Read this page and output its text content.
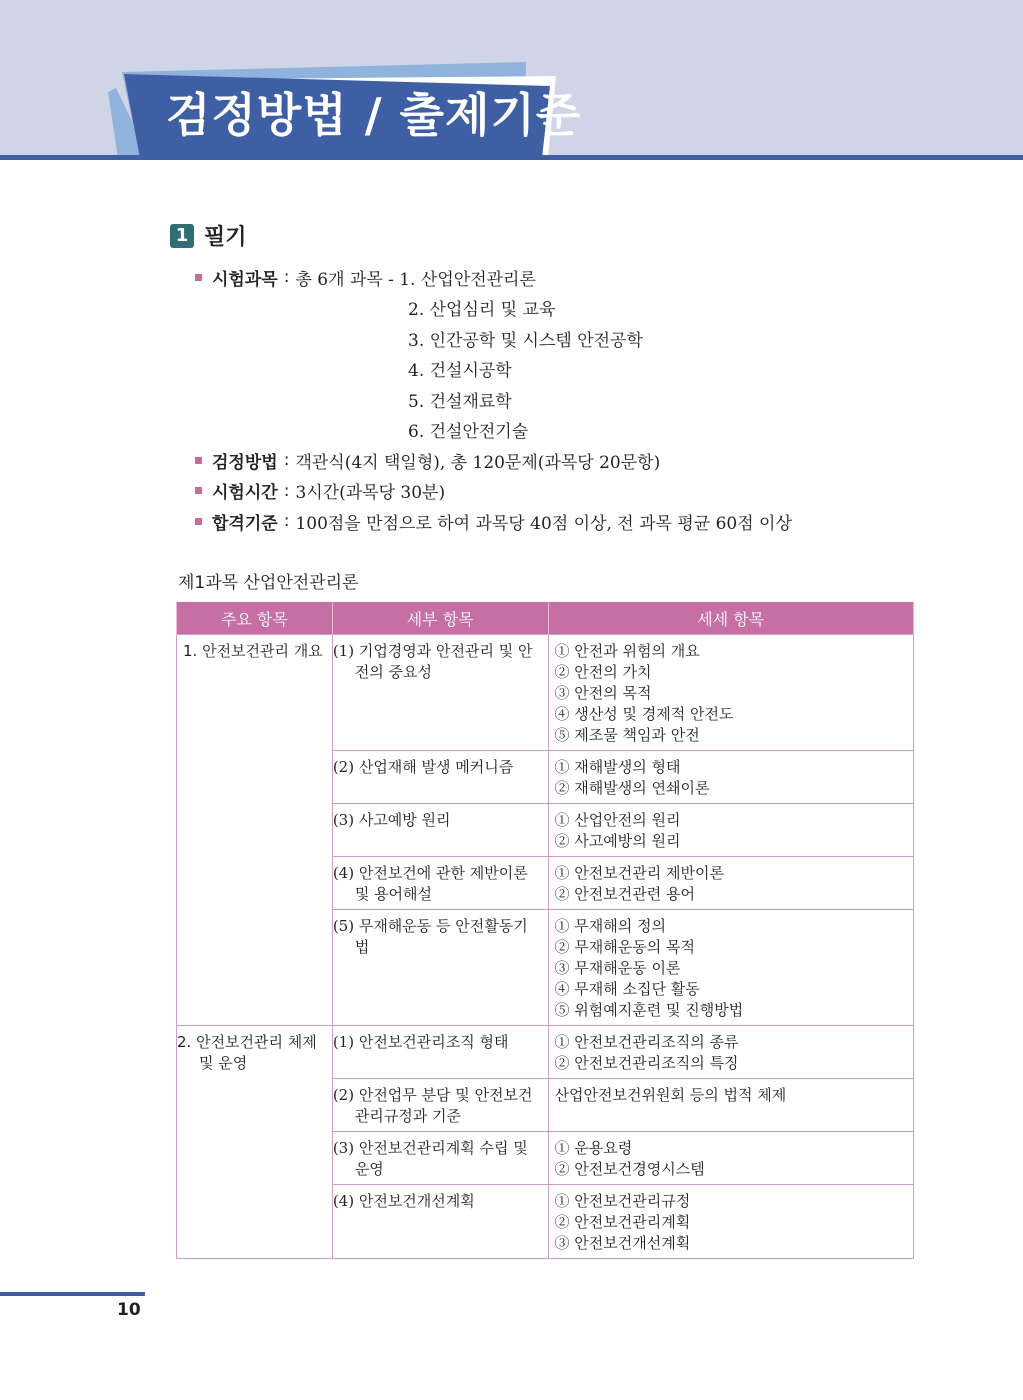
검정방법 / 출제기준
1 필기
시험과목 : 총 6개 과목 - 1. 산업안전관리론
2. 산업심리 및 교육
3. 인간공학 및 시스템 안전공학
4. 건설시공학
5. 건설재료학
6. 건설안전기술
검정방법 : 객관식(4지 택일형), 총 120문제(과목당 20문항)
시험시간 : 3시간(과목당 30분)
합격기준 : 100점을 만점으로 하여 과목당 40점 이상, 전 과목 평균 60점 이상
제1과목 산업안전관리론
주요 항목	세부 항목	세세 항목
1. 안전보건관리 개요	(1) 기업경영과 안전관리 및 안전의 중요성	① 안전과 위험의 개요
② 안전의 가치
③ 안전의 목적
④ 생산성 및 경제적 안전도
⑤ 제조물 책임과 안전

	(2) 산업재해 발생 메커니즘	① 재해발생의 형태
② 재해발생의 연쇄이론

	(3) 사고예방 원리	① 산업안전의 원리
② 사고예방의 원리

	(4) 안전보건에 관한 제반이론 및 용어해설	① 안전보건관리 제반이론
② 안전보건관련 용어

	(5) 무재해운동 등 안전활동기법	① 무재해의 정의
② 무재해운동의 목적
③ 무재해운동 이론
④ 무재해 소집단 활동
⑤ 위험예지훈련 및 진행방법

2. 안전보건관리 체제 및 운영	(1) 안전보건관리조직 형태	① 안전보건관리조직의 종류
② 안전보건관리조직의 특징

	(2) 안전업무 분담 및 안전보건관리규정과 기준	산업안전보건위원회 등의 법적 체제

	(3) 안전보건관리계획 수립 및 운영	① 운용요령
② 안전보건경영시스템

	(4) 안전보건개선계획	① 안전보건관리규정
② 안전보건관리계획
③ 안전보건개선계획
10
